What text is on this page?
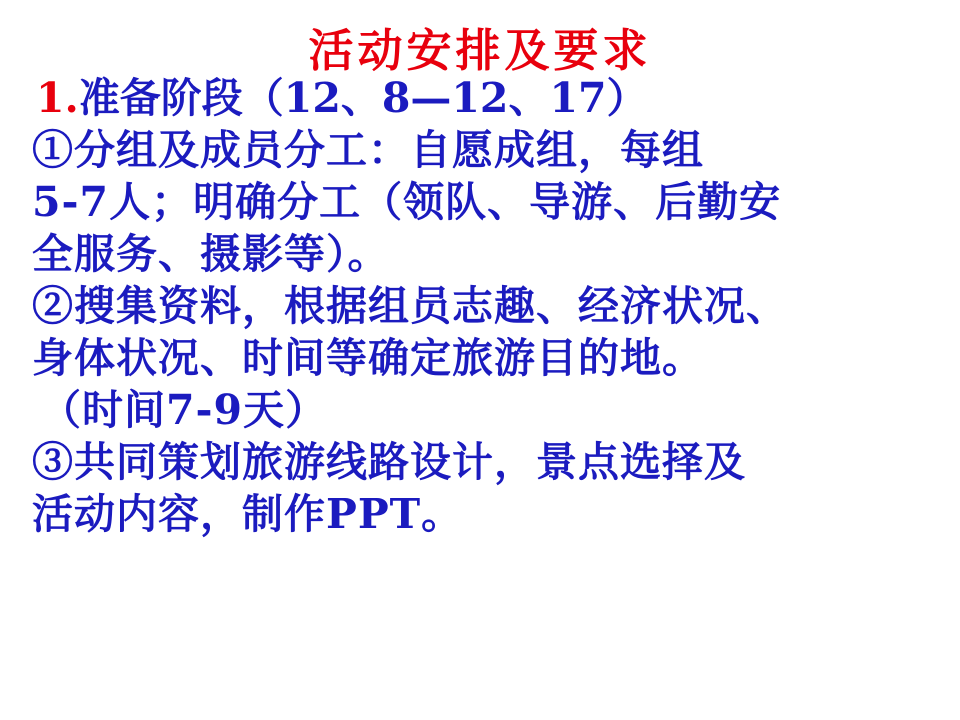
活动安排及要求
1.准备阶段（12、8—12、17）
①分组及成员分工：自愿成组，每组
5-7人；明确分工（领队、导游、后勤安
全服务、摄影等）。
②搜集资料，根据组员志趣、经济状况、
身体状况、时间等确定旅游目的地。
（时间7-9天）
③共同策划旅游线路设计，景点选择及
活动内容，制作PPT。
